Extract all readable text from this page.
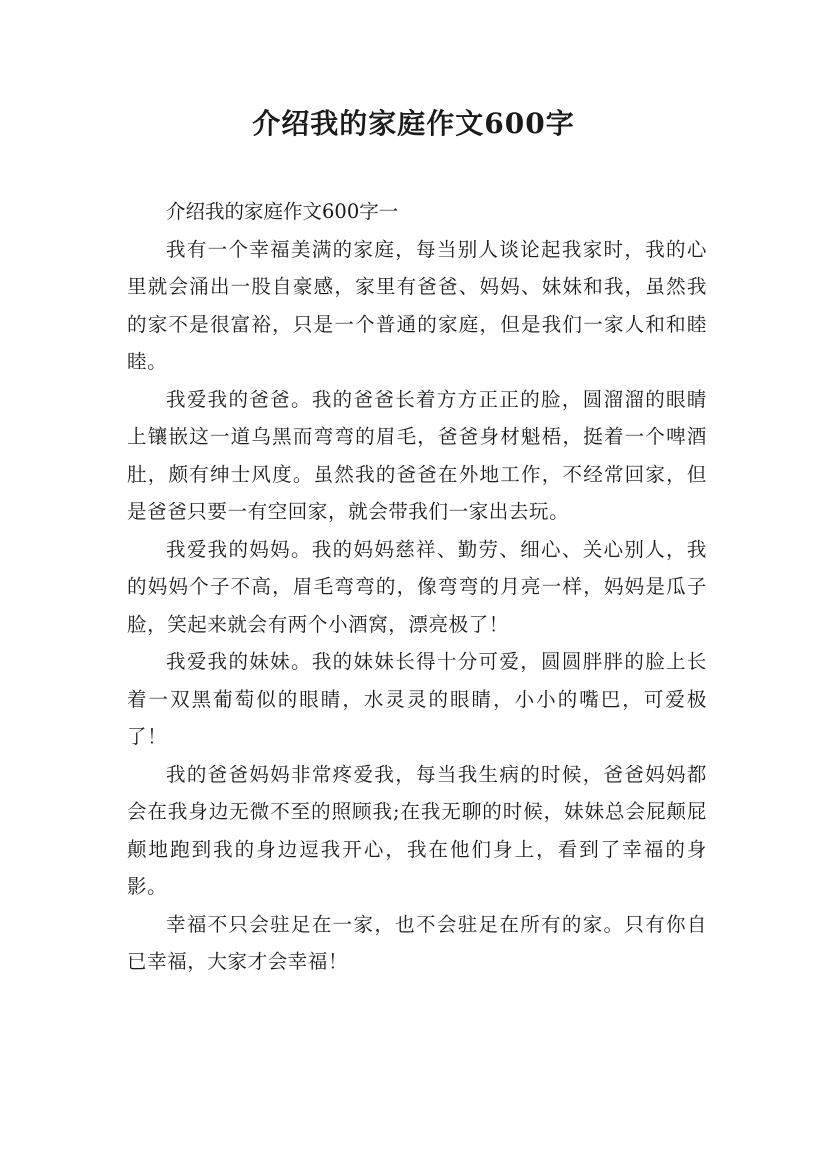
介绍我的家庭作文600字

介绍我的家庭作文600字一

我有一个幸福美满的家庭，每当别人谈论起我家时，我的心里就会涌出一股自豪感，家里有爸爸、妈妈、妹妹和我，虽然我的家不是很富裕，只是一个普通的家庭，但是我们一家人和和睦睦。

我爱我的爸爸。我的爸爸长着方方正正的脸，圆溜溜的眼睛上镶嵌这一道乌黑而弯弯的眉毛，爸爸身材魁梧，挺着一个啤酒肚，颇有绅士风度。虽然我的爸爸在外地工作，不经常回家，但是爸爸只要一有空回家，就会带我们一家出去玩。

我爱我的妈妈。我的妈妈慈祥、勤劳、细心、关心别人，我的妈妈个子不高，眉毛弯弯的，像弯弯的月亮一样，妈妈是瓜子脸，笑起来就会有两个小酒窝，漂亮极了！

我爱我的妹妹。我的妹妹长得十分可爱，圆圆胖胖的脸上长着一双黑葡萄似的眼睛，水灵灵的眼睛，小小的嘴巴，可爱极了！

我的爸爸妈妈非常疼爱我，每当我生病的时候，爸爸妈妈都会在我身边无微不至的照顾我;在我无聊的时候，妹妹总会屁颠屁颠地跑到我的身边逗我开心，我在他们身上，看到了幸福的身影。

幸福不只会驻足在一家，也不会驻足在所有的家。只有你自已幸福，大家才会幸福！
